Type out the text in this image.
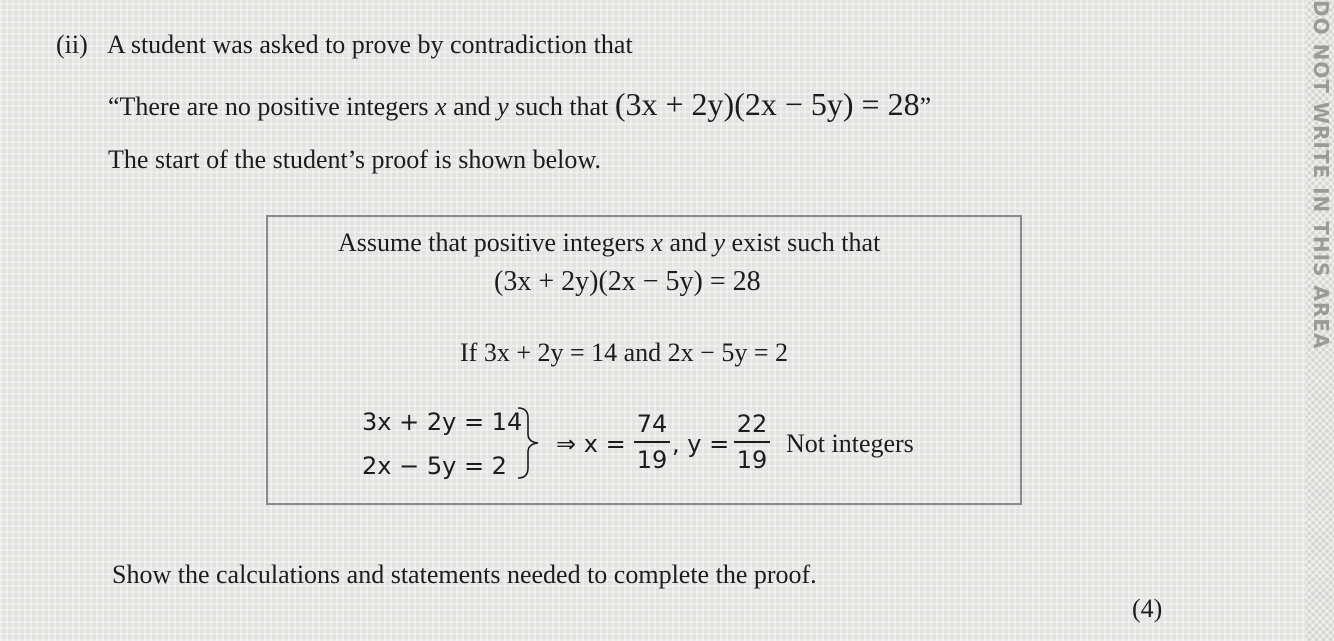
(ii) A student was asked to prove by contradiction that
“There are no positive integers x and y such that (3x + 2y)(2x − 5y) = 28”
The start of the student’s proof is shown below.
Assume that positive integers x and y exist such that
(3x + 2y)(2x − 5y) = 28
If 3x + 2y = 14 and 2x − 5y = 2
3x + 2y = 14
2x − 5y = 2
⇒ x =
74
19
, y =
22
19
Not integers
Show the calculations and statements needed to complete the proof.
(4)
DO NOT WRITE IN THIS AREA
